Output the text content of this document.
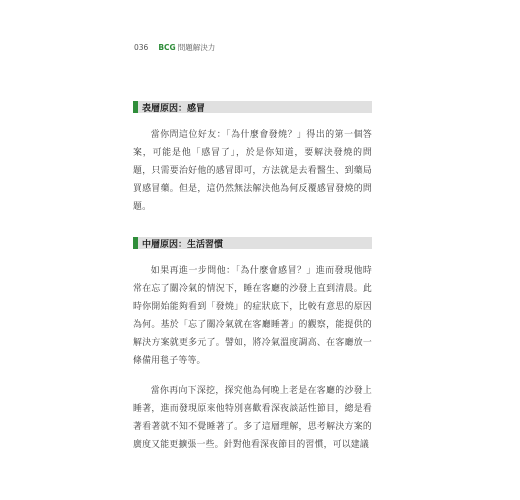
036 BCG 問題解決力
表層原因：感冒

當你問這位好友：「為什麼會發燒？」得出的第一個答案，可能是他「感冒了」，於是你知道，要解決發燒的問題，只需要治好他的感冒即可，方法就是去看醫生、到藥局買感冒藥。但是，這仍然無法解決他為何反覆感冒發燒的問題。

中層原因：生活習慣

如果再進一步問他：「為什麼會感冒？」進而發現他時常在忘了關冷氣的情況下，睡在客廳的沙發上直到清晨。此時你開始能夠看到「發燒」的症狀底下，比較有意思的原因為何。基於「忘了關冷氣就在客廳睡著」的觀察，能提供的解決方案就更多元了。譬如，將冷氣溫度調高、在客廳放一條備用毯子等等。

當你再向下深挖，探究他為何晚上老是在客廳的沙發上睡著，進而發現原來他特別喜歡看深夜談話性節目，總是看著看著就不知不覺睡著了。多了這層理解，思考解決方案的廣度又能更擴張一些。針對他看深夜節目的習慣，可以建議
